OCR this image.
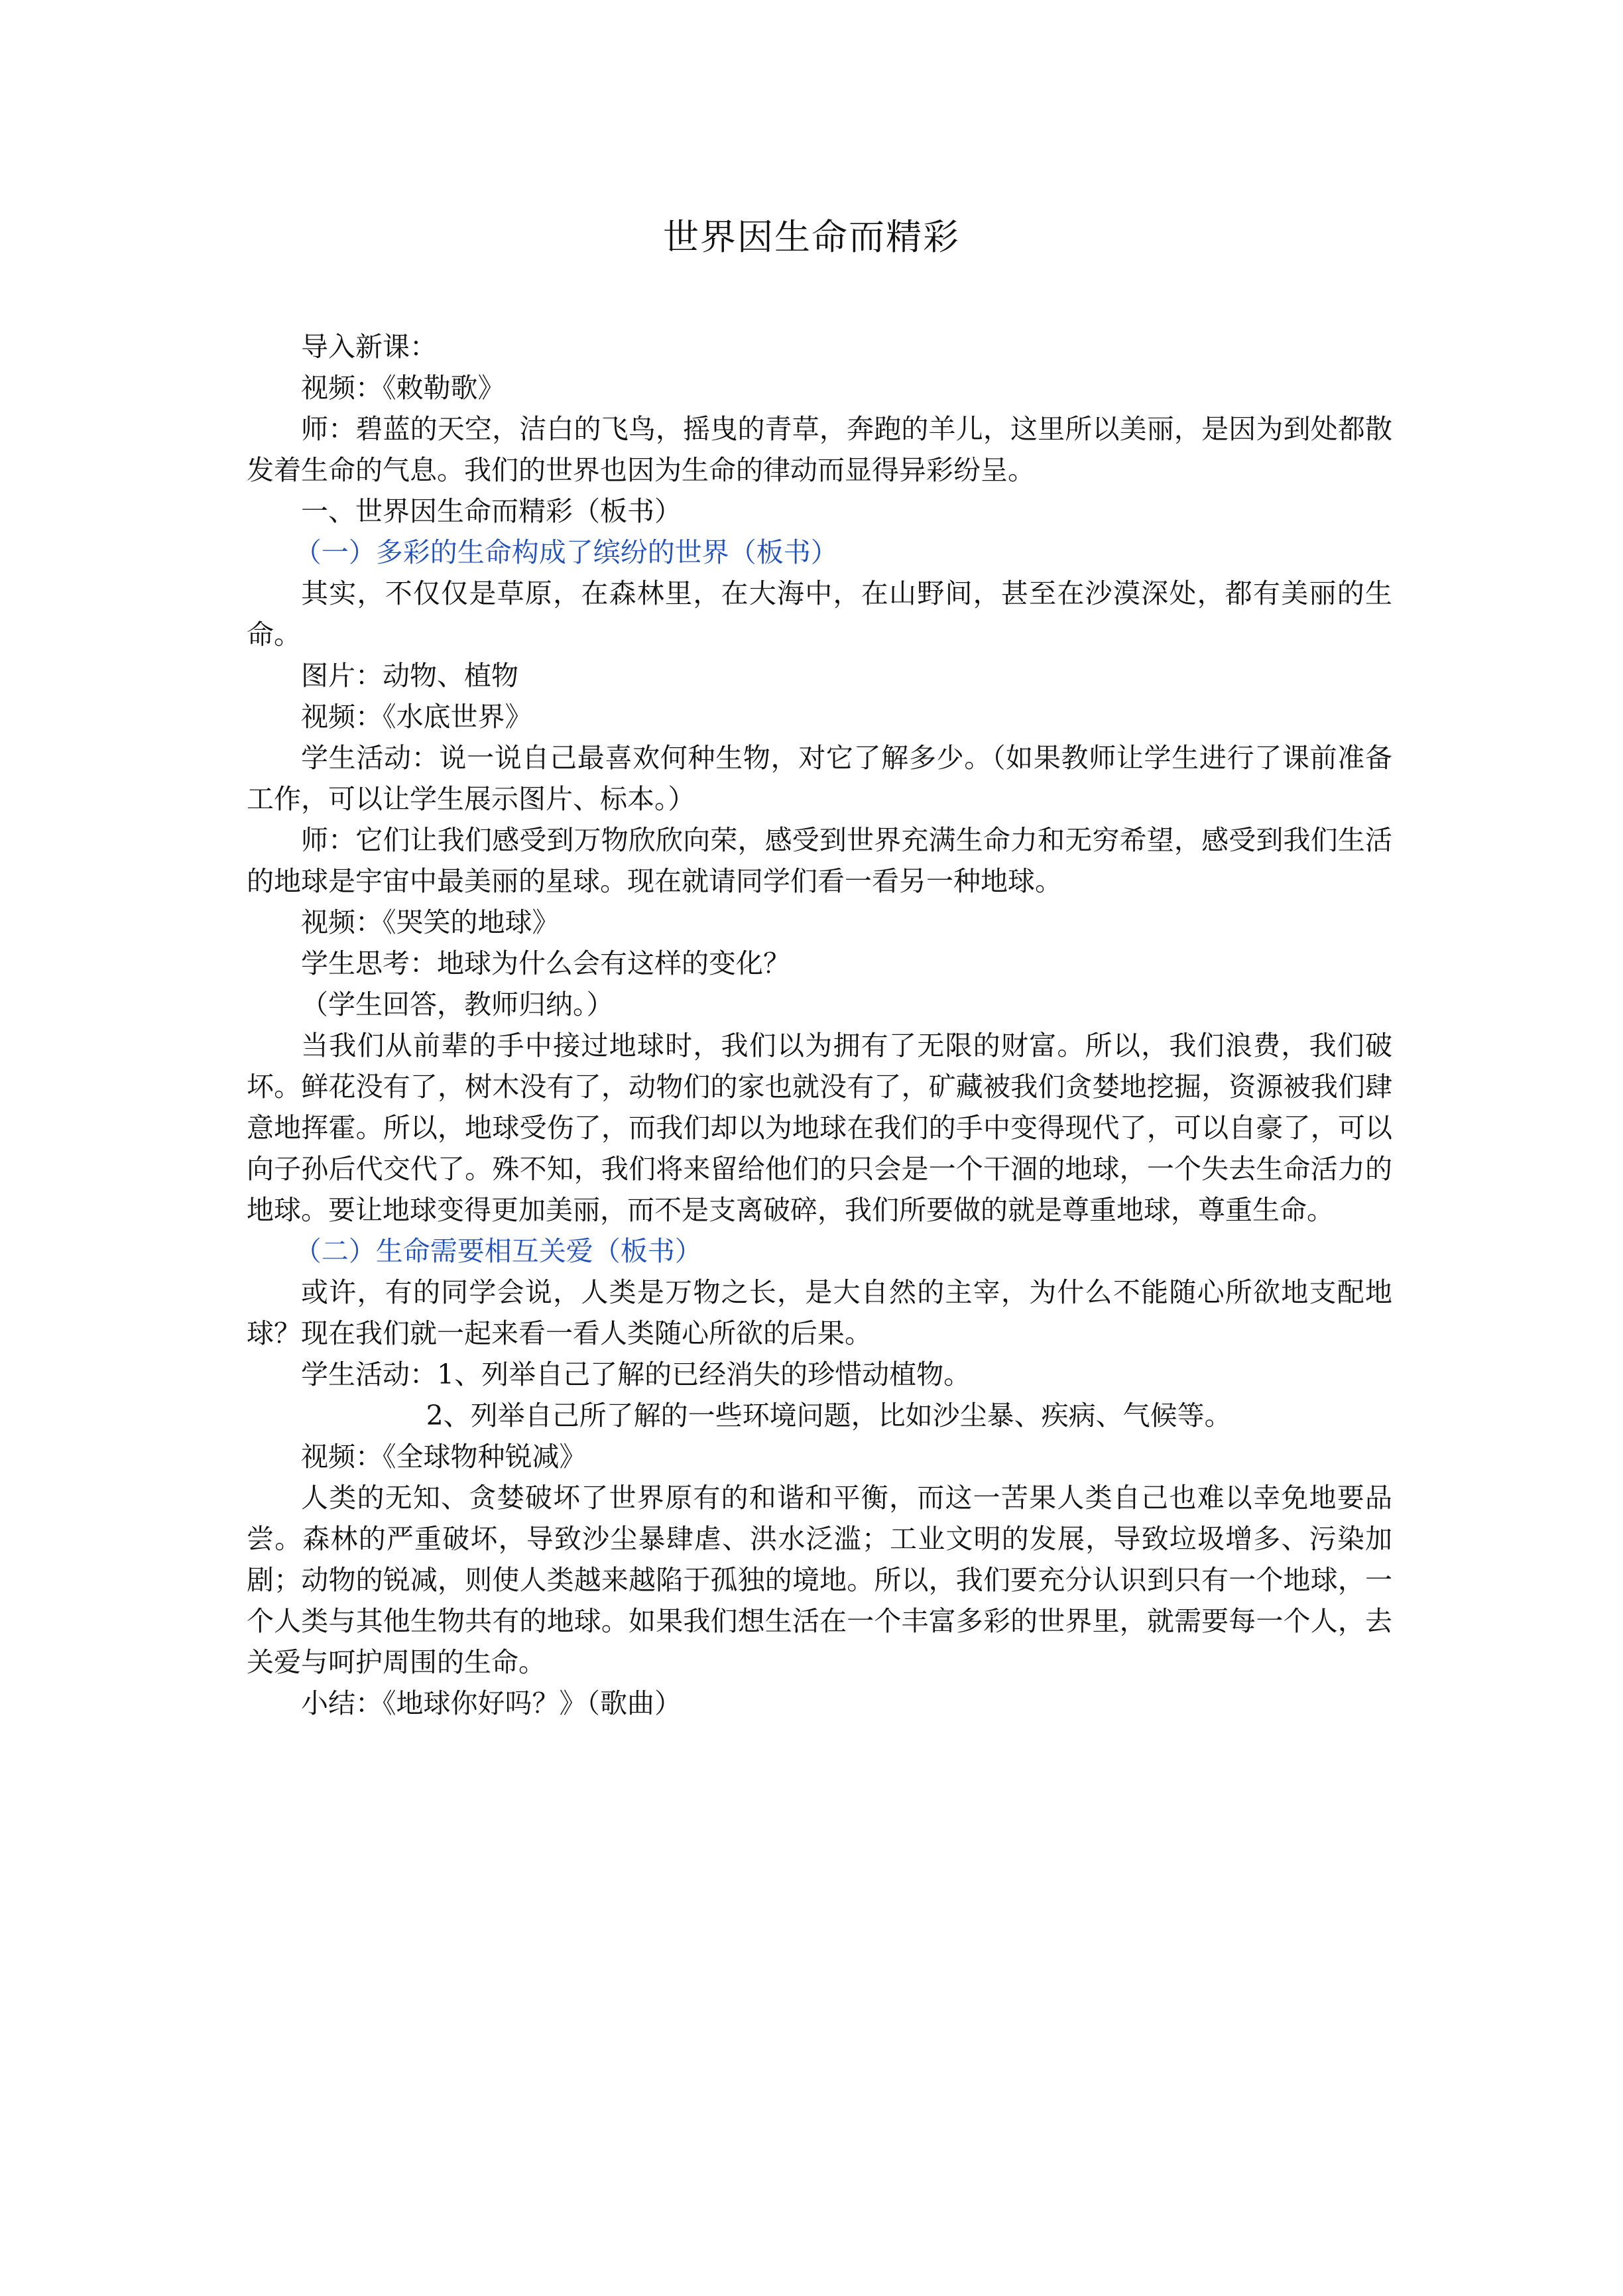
世界因生命而精彩

导入新课：

视频：《敕勒歌》

师：碧蓝的天空，洁白的飞鸟，摇曳的青草，奔跑的羊儿，这里所以美丽，是因为到处都散发着生命的气息。我们的世界也因为生命的律动而显得异彩纷呈。

一、世界因生命而精彩（板书）

（一）多彩的生命构成了缤纷的世界（板书）

其实，不仅仅是草原，在森林里，在大海中，在山野间，甚至在沙漠深处，都有美丽的生命。

图片：动物、植物

视频：《水底世界》

学生活动：说一说自己最喜欢何种生物，对它了解多少。（如果教师让学生进行了课前准备工作，可以让学生展示图片、标本。）

师：它们让我们感受到万物欣欣向荣，感受到世界充满生命力和无穷希望，感受到我们生活的地球是宇宙中最美丽的星球。现在就请同学们看一看另一种地球。

视频：《哭笑的地球》

学生思考：地球为什么会有这样的变化？

（学生回答，教师归纳。）

当我们从前辈的手中接过地球时，我们以为拥有了无限的财富。所以，我们浪费，我们破坏。鲜花没有了，树木没有了，动物们的家也就没有了，矿藏被我们贪婪地挖掘，资源被我们肆意地挥霍。所以，地球受伤了，而我们却以为地球在我们的手中变得现代了，可以自豪了，可以向子孙后代交代了。殊不知，我们将来留给他们的只会是一个干涸的地球，一个失去生命活力的地球。要让地球变得更加美丽，而不是支离破碎，我们所要做的就是尊重地球，尊重生命。

（二）生命需要相互关爱（板书）

或许，有的同学会说，人类是万物之长，是大自然的主宰，为什么不能随心所欲地支配地球？现在我们就一起来看一看人类随心所欲的后果。

学生活动：1、列举自己了解的已经消失的珍惜动植物。

2、列举自己所了解的一些环境问题，比如沙尘暴、疾病、气候等。

视频：《全球物种锐减》

人类的无知、贪婪破坏了世界原有的和谐和平衡，而这一苦果人类自己也难以幸免地要品尝。森林的严重破坏，导致沙尘暴肆虐、洪水泛滥；工业文明的发展，导致垃圾增多、污染加剧；动物的锐减，则使人类越来越陷于孤独的境地。所以，我们要充分认识到只有一个地球，一个人类与其他生物共有的地球。如果我们想生活在一个丰富多彩的世界里，就需要每一个人，去关爱与呵护周围的生命。

小结：《地球你好吗？》（歌曲）
